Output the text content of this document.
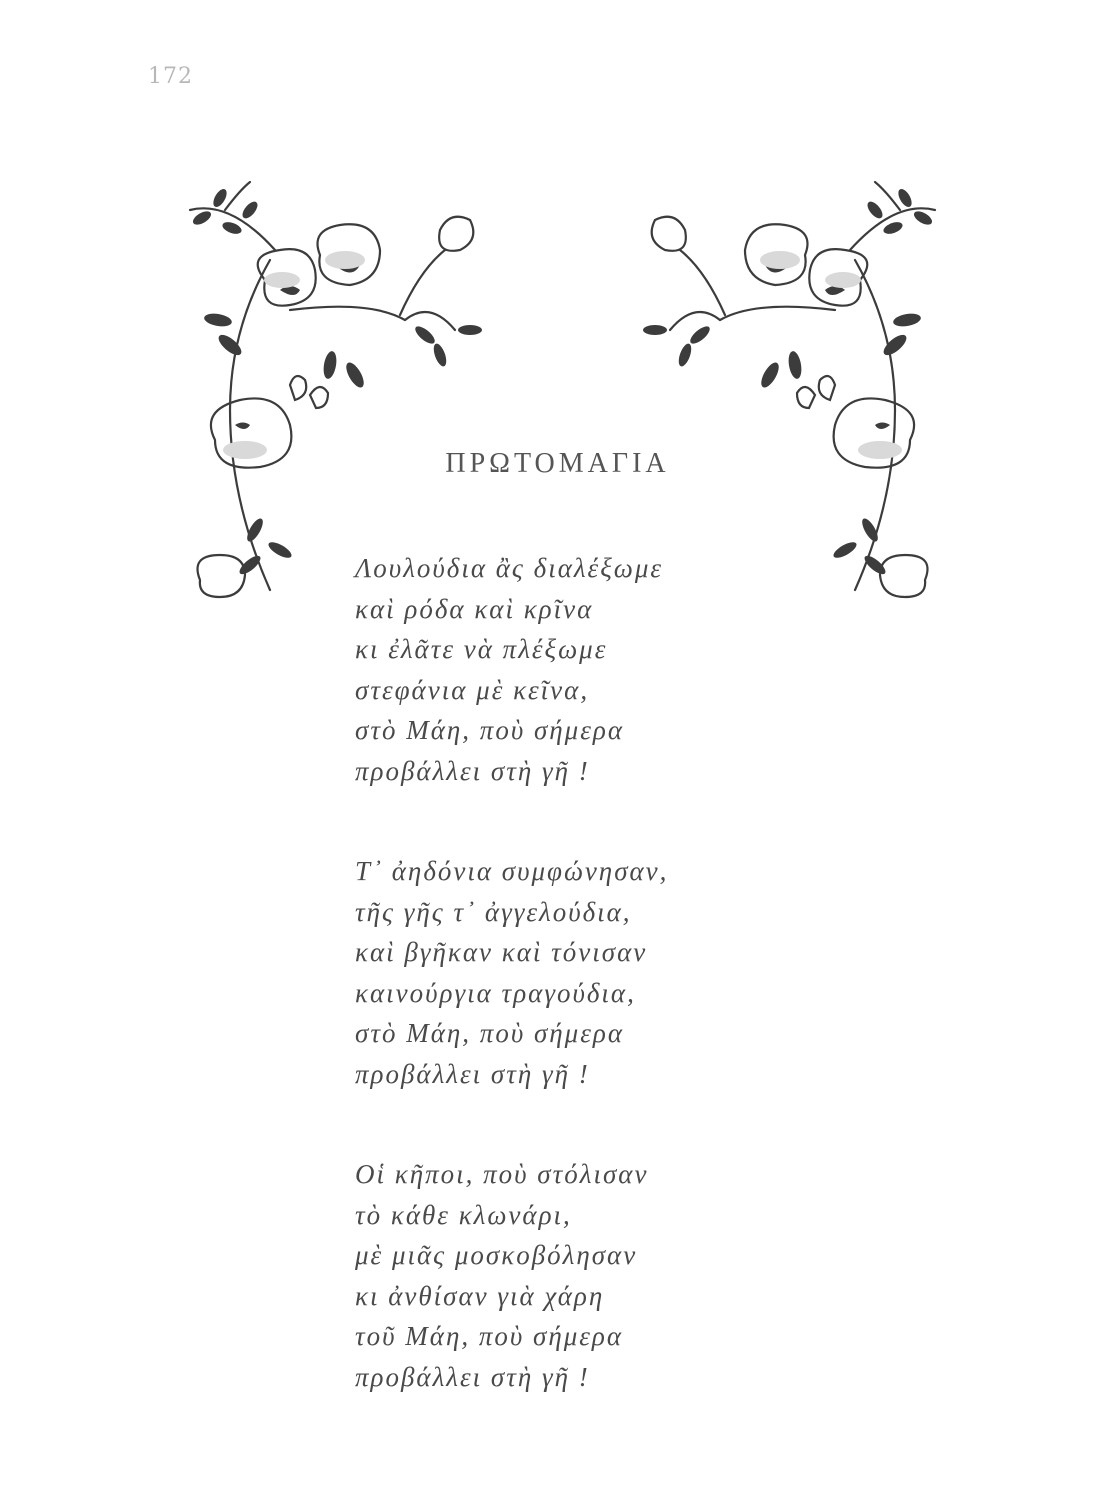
172
ΠΡΩΤΟΜΑΓΙΑ
Λουλούδια ἂς διαλέξωμε
καὶ ρόδα καὶ κρῖνα
κι ἐλᾶτε νὰ πλέξωμε
στεφάνια μὲ κεῖνα,
στὸ Μάη, ποὺ σήμερα
προβάλλει στὴ γῆ !
Τ᾽ ἀηδόνια συμφώνησαν,
τῆς γῆς τ᾽ ἀγγελούδια,
καὶ βγῆκαν καὶ τόνισαν
καινούργια τραγούδια,
στὸ Μάη, ποὺ σήμερα
προβάλλει στὴ γῆ !
Οἱ κῆποι, ποὺ στόλισαν
τὸ κάθε κλωνάρι,
μὲ μιᾶς μοσκοβόλησαν
κι ἀνθίσαν γιὰ χάρη
τοῦ Μάη, ποὺ σήμερα
προβάλλει στὴ γῆ !
